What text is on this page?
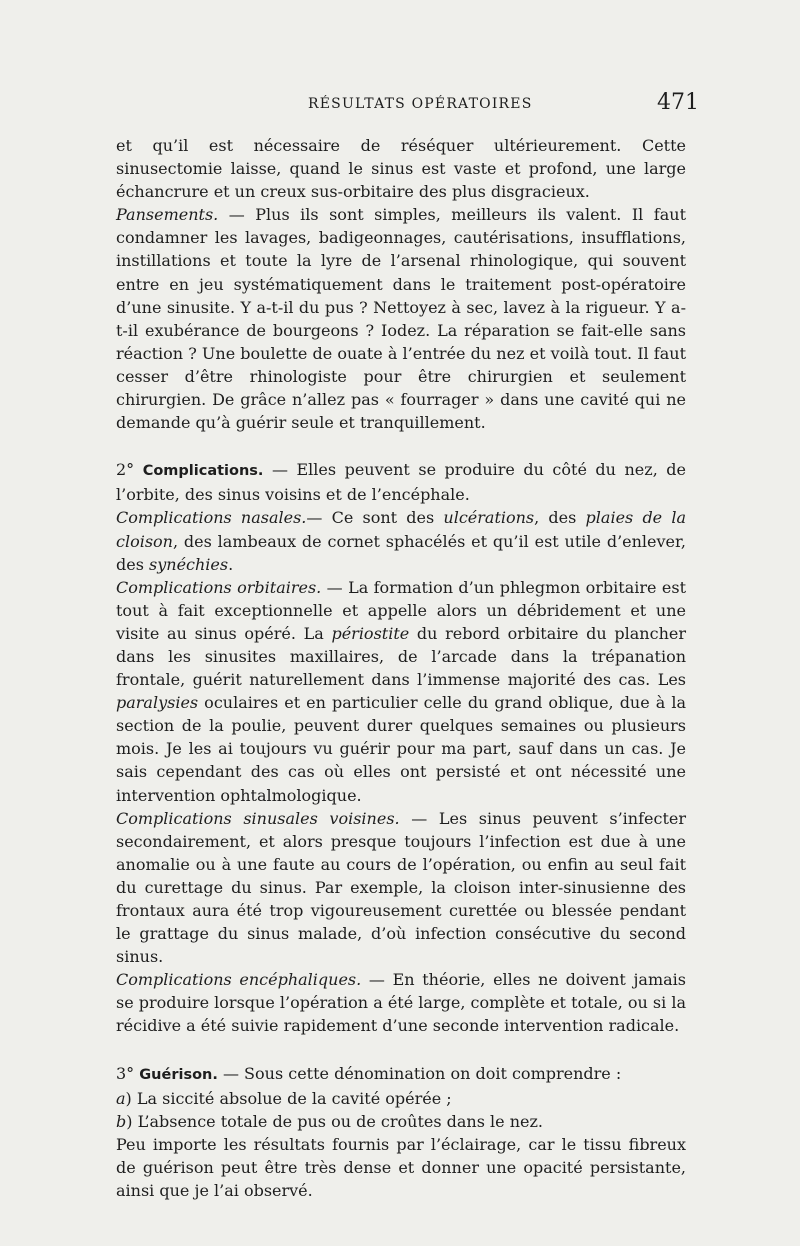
RÉSULTATS OPÉRATOIRES	471

et qu’il est nécessaire de réséquer ultérieurement. Cette sinusectomie laisse, quand le sinus est vaste et profond, une large échancrure et un creux sus-orbitaire des plus disgracieux.

Pansements. — Plus ils sont simples, meilleurs ils valent. Il faut condamner les lavages, badigeonnages, cautérisations, insufflations, instillations et toute la lyre de l’arsenal rhinologique, qui souvent entre en jeu systématiquement dans le traitement post-opératoire d’une sinusite. Y a-t-il du pus ? Nettoyez à sec, lavez à la rigueur. Y a-t-il exubérance de bourgeons ? Iodez. La réparation se fait-elle sans réaction ? Une boulette de ouate à l’entrée du nez et voilà tout. Il faut cesser d’être rhinologiste pour être chirurgien et seulement chirurgien. De grâce n’allez pas « fourrager » dans une cavité qui ne demande qu’à guérir seule et tranquillement.

2° Complications. — Elles peuvent se produire du côté du nez, de l’orbite, des sinus voisins et de l’encéphale.

Complications nasales.— Ce sont des ulcérations, des plaies de la cloison, des lambeaux de cornet sphacélés et qu’il est utile d’enlever, des synéchies.

Complications orbitaires. — La formation d’un phlegmon orbitaire est tout à fait exceptionnelle et appelle alors un débridement et une visite au sinus opéré. La périostite du rebord orbitaire du plancher dans les sinusites maxillaires, de l’arcade dans la trépanation frontale, guérit naturellement dans l’immense majorité des cas. Les paralysies oculaires et en particulier celle du grand oblique, due à la section de la poulie, peuvent durer quelques semaines ou plusieurs mois. Je les ai toujours vu guérir pour ma part, sauf dans un cas. Je sais cependant des cas où elles ont persisté et ont nécessité une intervention ophtalmologique.

Complications sinusales voisines. — Les sinus peuvent s’infecter secondairement, et alors presque toujours l’infection est due à une anomalie ou à une faute au cours de l’opération, ou enfin au seul fait du curettage du sinus. Par exemple, la cloison inter-sinusienne des frontaux aura été trop vigoureusement curettée ou blessée pendant le grattage du sinus malade, d’où infection consécutive du second sinus.

Complications encéphaliques. — En théorie, elles ne doivent jamais se produire lorsque l’opération a été large, complète et totale, ou si la récidive a été suivie rapidement d’une seconde intervention radicale.

3° Guérison. — Sous cette dénomination on doit comprendre :

a) La siccité absolue de la cavité opérée ;

b) L’absence totale de pus ou de croûtes dans le nez.

Peu importe les résultats fournis par l’éclairage, car le tissu fibreux de guérison peut être très dense et donner une opacité persistante, ainsi que je l’ai observé.
